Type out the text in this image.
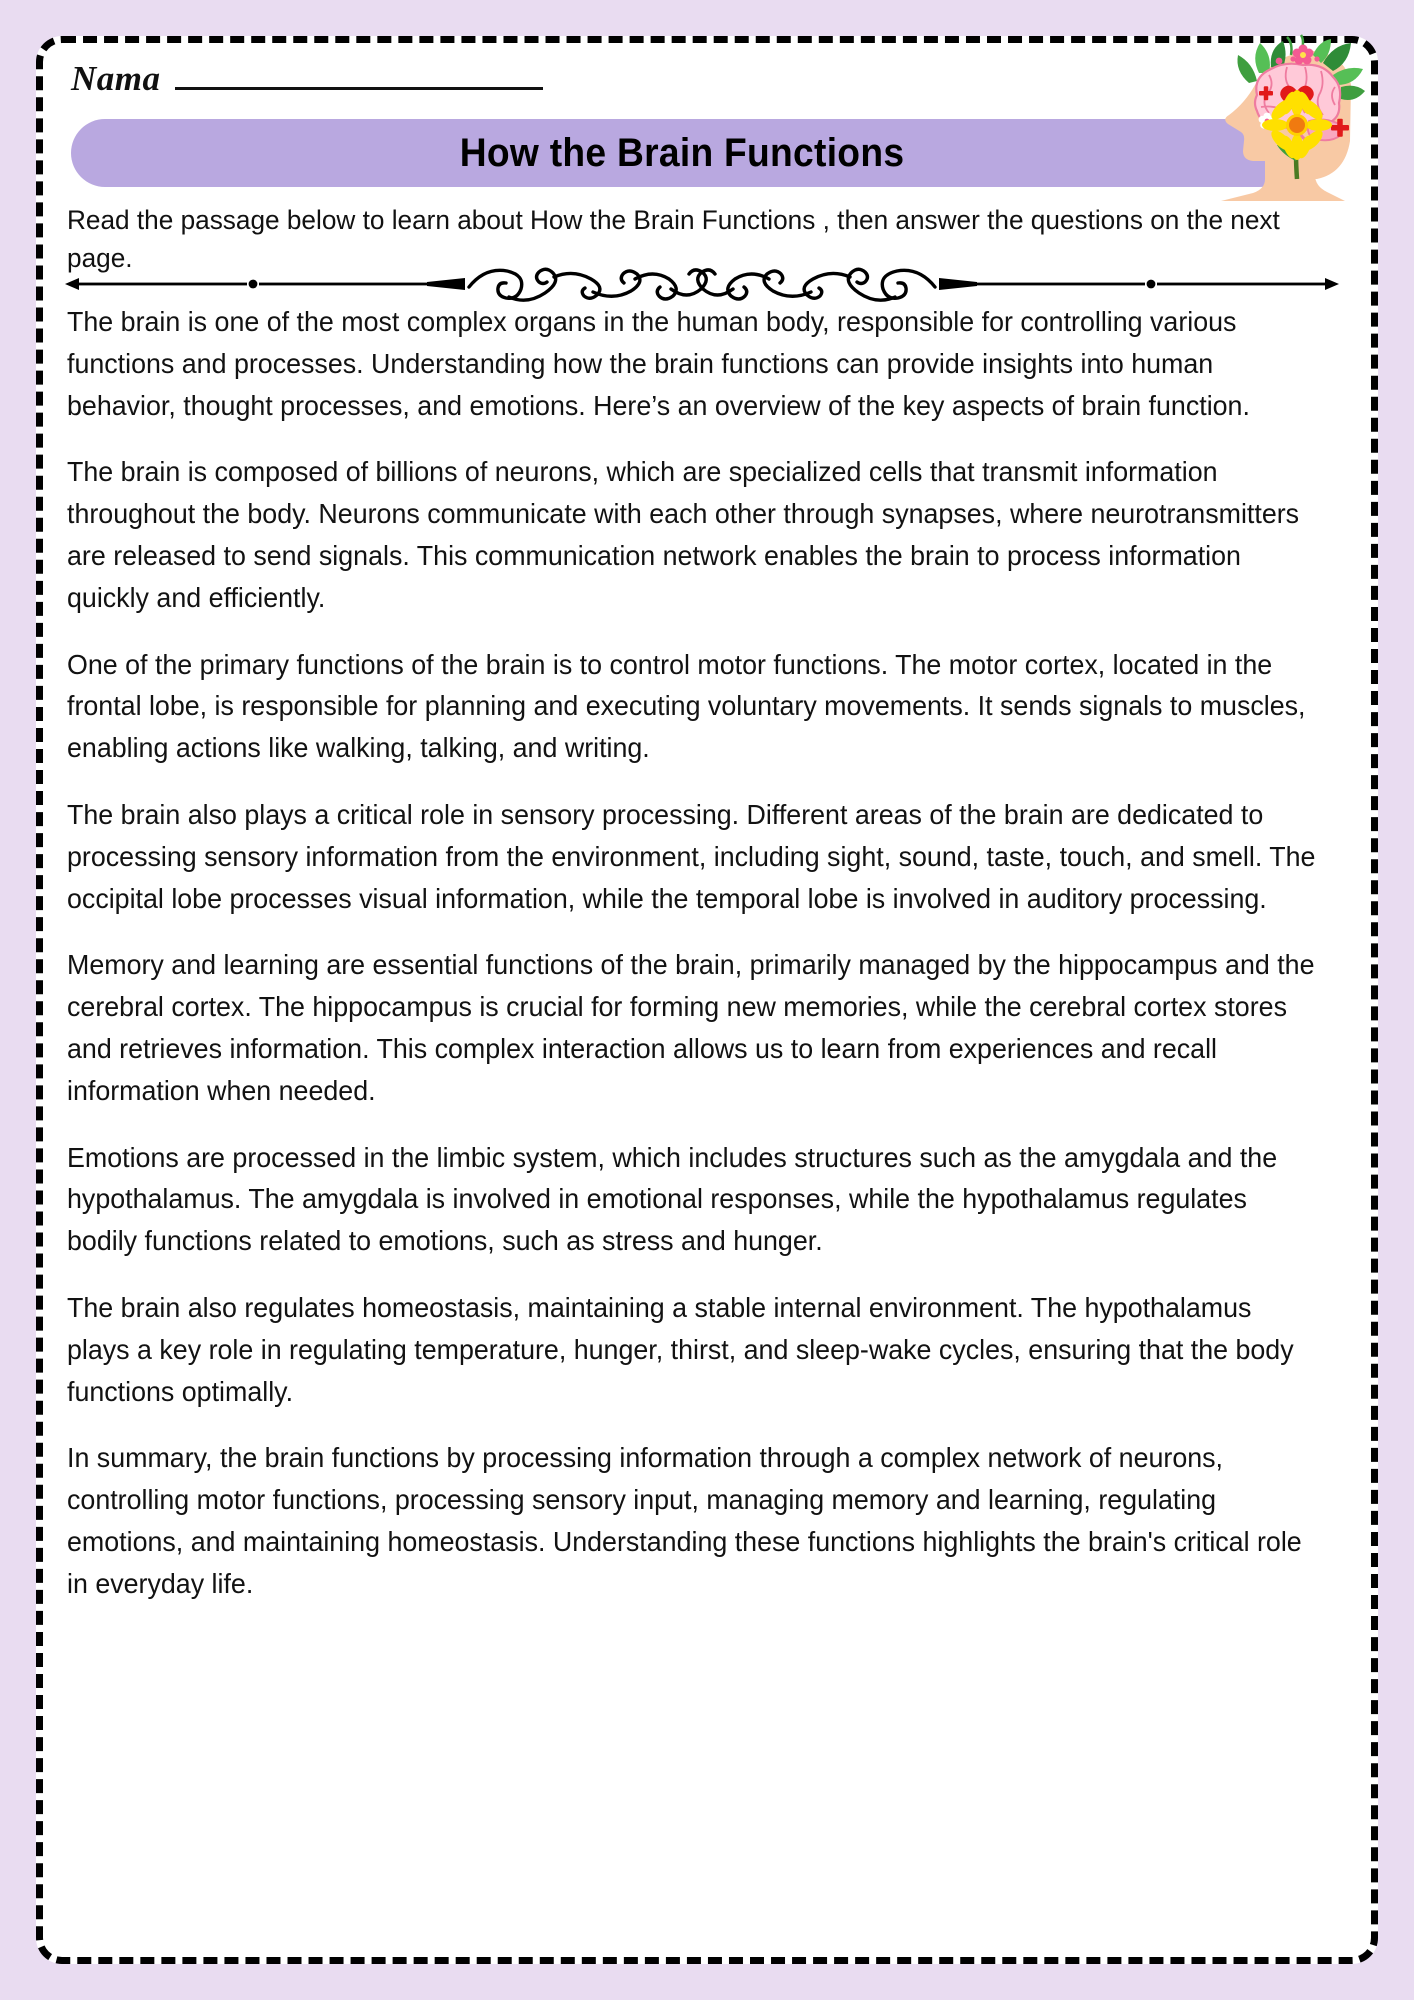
Nama
How the Brain Functions
Read the passage below to learn about How the Brain Functions , then answer the questions on the next page.

The brain is one of the most complex organs in the human body, responsible for controlling various functions and processes. Understanding how the brain functions can provide insights into human behavior, thought processes, and emotions. Here’s an overview of the key aspects of brain function.

The brain is composed of billions of neurons, which are specialized cells that transmit information throughout the body. Neurons communicate with each other through synapses, where neurotransmitters are released to send signals. This communication network enables the brain to process information quickly and efficiently.

One of the primary functions of the brain is to control motor functions. The motor cortex, located in the frontal lobe, is responsible for planning and executing voluntary movements. It sends signals to muscles, enabling actions like walking, talking, and writing.

The brain also plays a critical role in sensory processing. Different areas of the brain are dedicated to processing sensory information from the environment, including sight, sound, taste, touch, and smell. The occipital lobe processes visual information, while the temporal lobe is involved in auditory processing.

Memory and learning are essential functions of the brain, primarily managed by the hippocampus and the cerebral cortex. The hippocampus is crucial for forming new memories, while the cerebral cortex stores and retrieves information. This complex interaction allows us to learn from experiences and recall information when needed.

Emotions are processed in the limbic system, which includes structures such as the amygdala and the hypothalamus. The amygdala is involved in emotional responses, while the hypothalamus regulates bodily functions related to emotions, such as stress and hunger.

The brain also regulates homeostasis, maintaining a stable internal environment. The hypothalamus plays a key role in regulating temperature, hunger, thirst, and sleep-wake cycles, ensuring that the body functions optimally.

In summary, the brain functions by processing information through a complex network of neurons, controlling motor functions, processing sensory input, managing memory and learning, regulating emotions, and maintaining homeostasis. Understanding these functions highlights the brain's critical role in everyday life.
